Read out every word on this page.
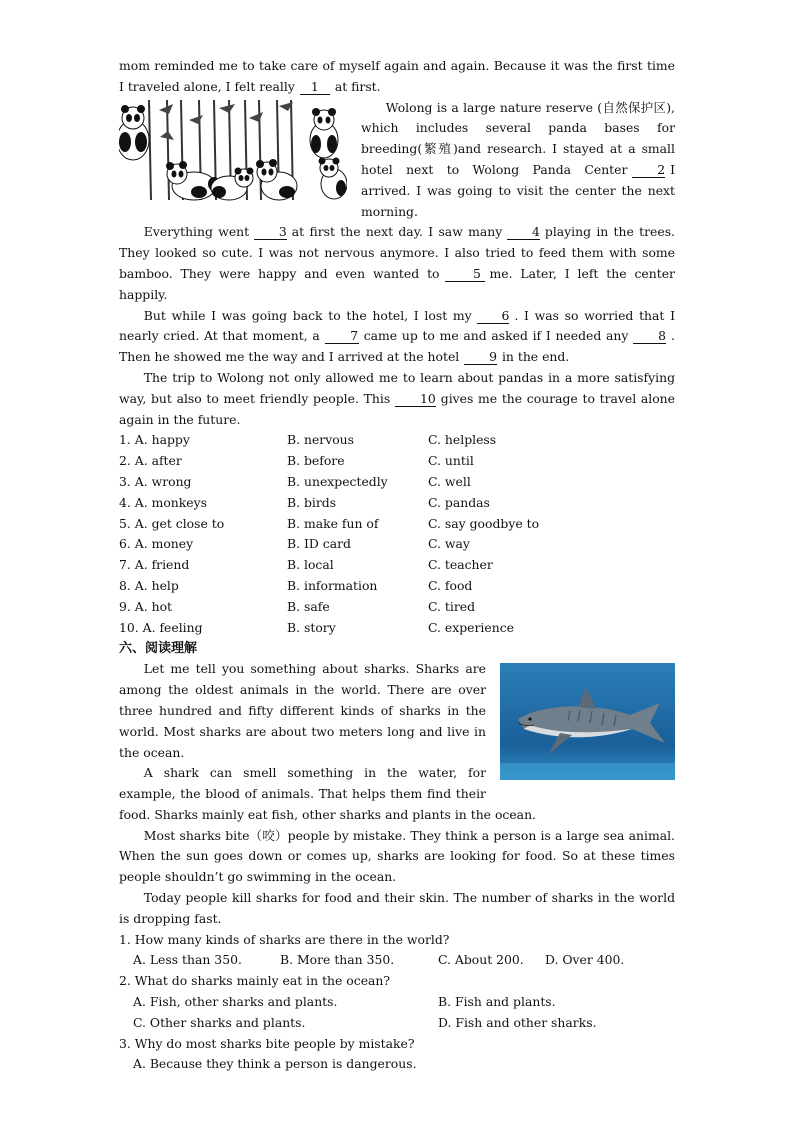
mom reminded me to take care of myself again and again. Because it was the first time I traveled alone, I felt really 1 at first.

Wolong is a large nature reserve (自然保护区), which includes several panda bases for breeding(繁殖)and research. I stayed at a small hotel next to Wolong Panda Center 2 I arrived. I was going to visit the center the next morning.

Everything went 3 at first the next day. I saw many 4 playing in the trees. They looked so cute. I was not nervous anymore. I also tried to feed them with some bamboo. They were happy and even wanted to	5 me. Later, I left the center happily.

But while I was going back to the hotel, I lost my 6 . I was so worried that I nearly cried. At that moment, a 7 came up to me and asked if I needed any 8 . Then he showed me the way and I arrived at the hotel 9 in the end.

The trip to Wolong not only allowed me to learn about pandas in a more satisfying way, but also to meet friendly people. This 10 gives me the courage to travel alone again in the future.

1. A. happy	B. nervous	C. helpless
2. A. after	B. before	C. until
3. A. wrong	B. unexpectedly	C. well
4. A. monkeys	B. birds	C. pandas
5. A. get close to	B. make fun of	C. say goodbye to
6. A. money	B. ID card	C. way
7. A. friend	B. local	C. teacher
8. A. help	B. information	C. food
9. A. hot	B. safe	C. tired
10. A. feeling	B. story	C. experience
六、阅读理解

Let me tell you something about sharks. Sharks are among the oldest animals in the world. There are over three hundred and fifty different kinds of sharks in the world. Most sharks are about two meters long and live in the ocean.

A shark can smell something in the water, for example, the blood of animals. That helps them find their food. Sharks mainly eat fish, other sharks and plants in the ocean.

Most sharks bite（咬）people by mistake. They think a person is a large sea animal. When the sun goes down or comes up, sharks are looking for food. So at these times people shouldn’t go swimming in the ocean.

Today people kill sharks for food and their skin. The number of sharks in the world is dropping fast.

1. How many kinds of sharks are there in the world?
A. Less than 350.	B. More than 350.	C. About 200.	D. Over 400.
2. What do sharks mainly eat in the ocean?
A. Fish, other sharks and plants.	B. Fish and plants.
C. Other sharks and plants.	D. Fish and other sharks.
3. Why do most sharks bite people by mistake?
A. Because they think a person is dangerous.
